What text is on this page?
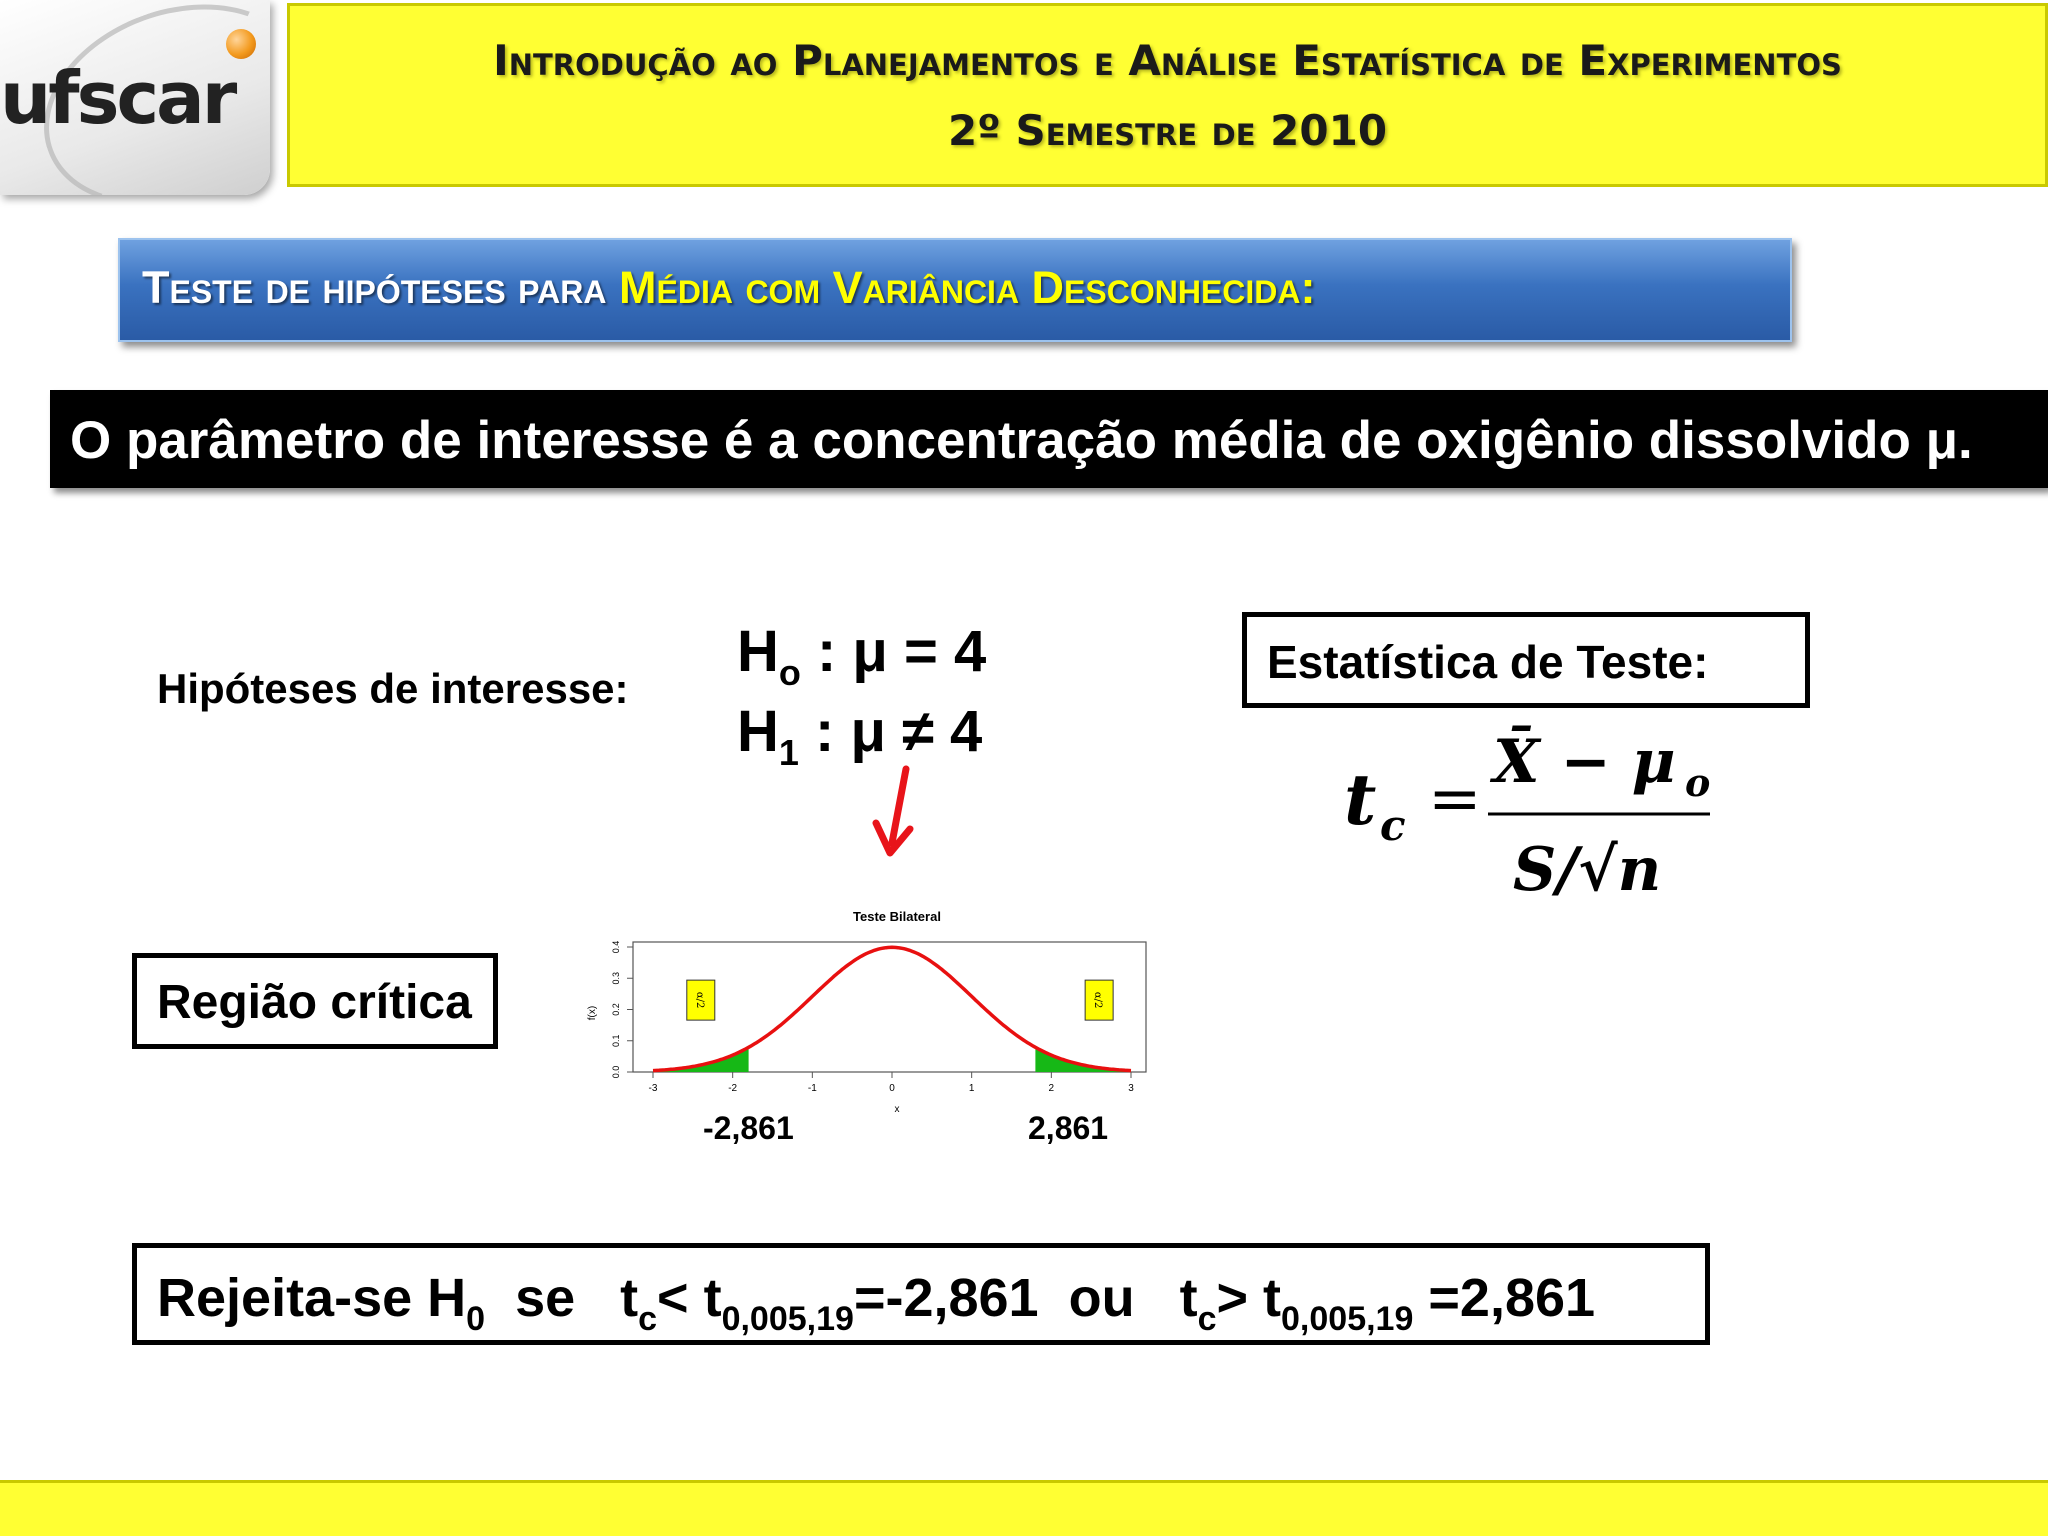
ufscar	Introdução ao Planejamentos e Análise Estatística de Experimentos
2º Semestre de 2010
Teste de hipóteses para Média com Variância Desconhecida:
O parâmetro de interesse é a concentração média de oxigênio dissolvido μ.
Hipóteses de interesse:
$H_o$ : μ = 4
$H_1$ : μ ≠ 4
Estatística de Teste:
t c = X̄ − μ o
S/√n
Região crítica
Teste Bilateral
f(x)
x
0.0
0.1
0.2
0.3
0.4
-3	-2	-1	0	1	2	3
α/2	α/2
-2,861	2,861
Rejeita-se $H_0$  se   $t_c< t_{0,005,19}=-2,861$  ou   $t_c> t_{0,005,19} =2,861$
